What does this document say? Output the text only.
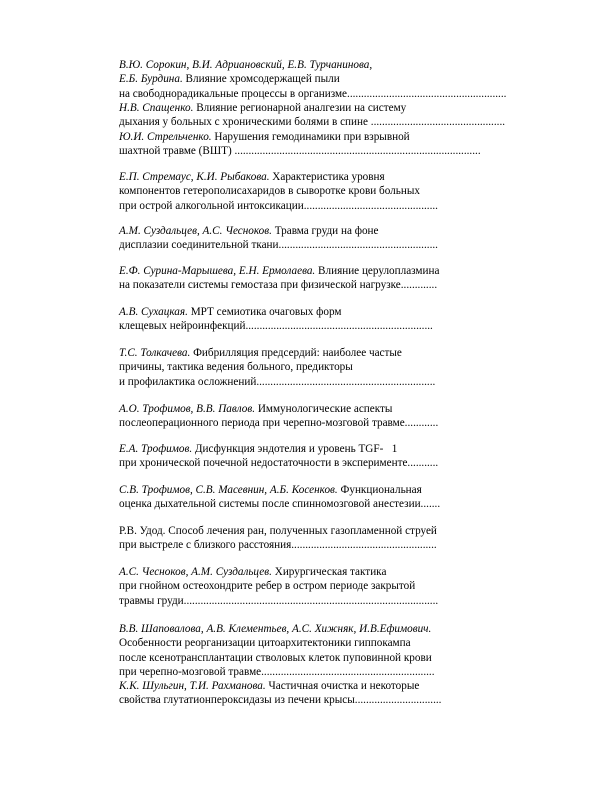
В.Ю. Сорокин, В.И. Адриановский, Е.В. Турчанинова,
Е.Б. Бурдина. Влияние хромсодержащей пыли
на свободнорадикальные процессы в организме.........................................................
Н.В. Спащенко. Влияние регионарной аналгезии на систему
дыхания у больных с хроническими болями в спине ................................................
Ю.И. Стрельченко. Нарушения гемодинамики при взрывной
шахтной травме (ВШТ) ........................................................................................
Е.П. Стремаус, К.И. Рыбакова. Характеристика уровня
компонентов гетерополисахаридов в сыворотке крови больных
при острой алкогольной интоксикации................................................
А.М. Суздальцев, А.С. Чесноков. Травма груди на фоне
дисплазии соединительной ткани.........................................................
Е.Ф. Сурина-Марышева, Е.Н. Ермолаева. Влияние церулоплазмина
на показатели системы гемостаза при физической нагрузке.............
А.В. Сухацкая. МРТ семиотика очаговых форм
клещевых нейроинфекций...................................................................
Т.С. Толкачева. Фибрилляция предсердий: наиболее частые
причины, тактика ведения больного, предикторы
и профилактика осложнений................................................................
А.О. Трофимов, В.В. Павлов. Иммунологические аспекты
послеоперационного периода при черепно-мозговой травме............
Е.А. Трофимов. Дисфункция эндотелия и уровень TGF-   1
при хронической почечной недостаточности в эксперименте...........
С.В. Трофимов, С.В. Масевнин, А.Б. Косенков. Функциональная
оценка дыхательной системы после спинномозговой анестезии.......
Р.В. Удод. Способ лечения ран, полученных газопламенной струей
при выстреле с близкого расстояния....................................................
А.С. Чесноков, А.М. Суздальцев. Хирургическая тактика
при гнойном остеохондрите ребер в остром периоде закрытой
травмы груди...........................................................................................
В.В. Шаповалова, А.В. Клементьев, А.С. Хижняк, И.В.Ефимович.
Особенности реорганизации цитоархитектоники гиппокампа
после ксенотрансплантации стволовых клеток пуповинной крови
при черепно-мозговой травме..............................................................
К.К. Шульгин, Т.И. Рахманова. Частичная очистка и некоторые
свойства глутатионпероксидазы из печени крысы...............................
